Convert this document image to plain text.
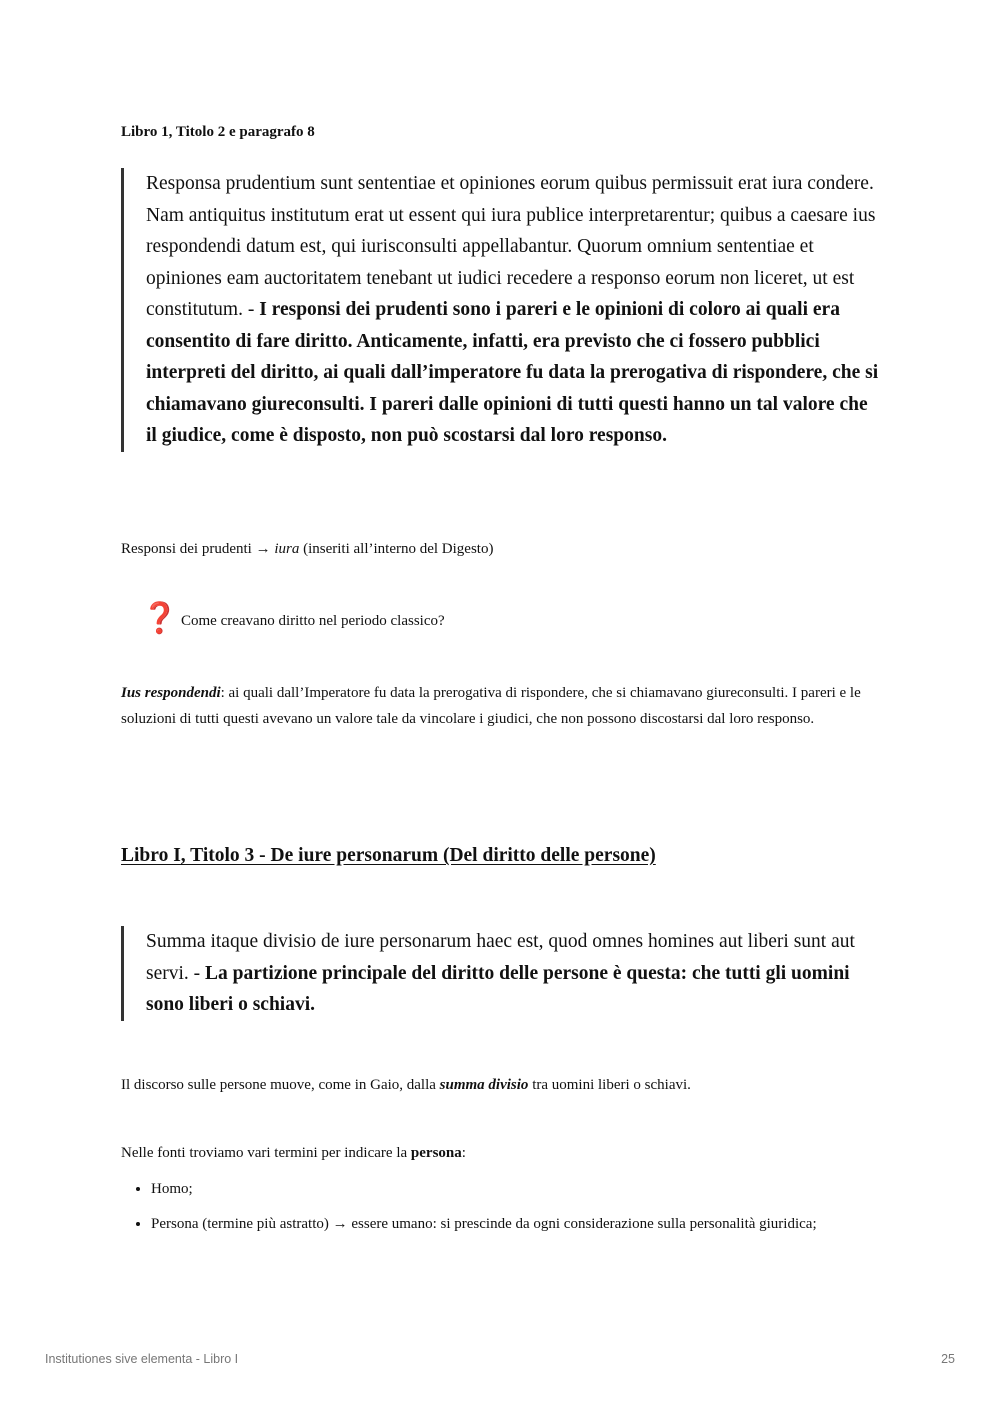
Libro 1, Titolo 2 e paragrafo 8
Responsa prudentium sunt sententiae et opiniones eorum quibus permissuit erat iura condere. Nam antiquitus institutum erat ut essent qui iura publice interpretarentur; quibus a caesare ius respondendi datum est, qui iurisconsulti appellabantur. Quorum omnium sententiae et opiniones eam auctoritatem tenebant ut iudici recedere a responso eorum non liceret, ut est constitutum. - I responsi dei prudenti sono i pareri e le opinioni di coloro ai quali era consentito di fare diritto. Anticamente, infatti, era previsto che ci fossero pubblici interpreti del diritto, ai quali dall’imperatore fu data la prerogativa di rispondere, che si chiamavano giureconsulti. I pareri dalle opinioni di tutti questi hanno un tal valore che il giudice, come è disposto, non può scostarsi dal loro responso.
Responsi dei prudenti → iura (inseriti all’interno del Digesto)
❓ Come creavano diritto nel periodo classico?
Ius respondendi: ai quali dall’Imperatore fu data la prerogativa di rispondere, che si chiamavano giureconsulti. I pareri e le soluzioni di tutti questi avevano un valore tale da vincolare i giudici, che non possono discostarsi dal loro responso.
Libro I, Titolo 3 - De iure personarum (Del diritto delle persone)
Summa itaque divisio de iure personarum haec est, quod omnes homines aut liberi sunt aut servi. - La partizione principale del diritto delle persone è questa: che tutti gli uomini sono liberi o schiavi.
Il discorso sulle persone muove, come in Gaio, dalla summa divisio tra uomini liberi o schiavi.
Nelle fonti troviamo vari termini per indicare la persona:
• Homo;
• Persona (termine più astratto) → essere umano: si prescinde da ogni considerazione sulla personalità giuridica;
Institutiones sive elementa - Libro I	25
